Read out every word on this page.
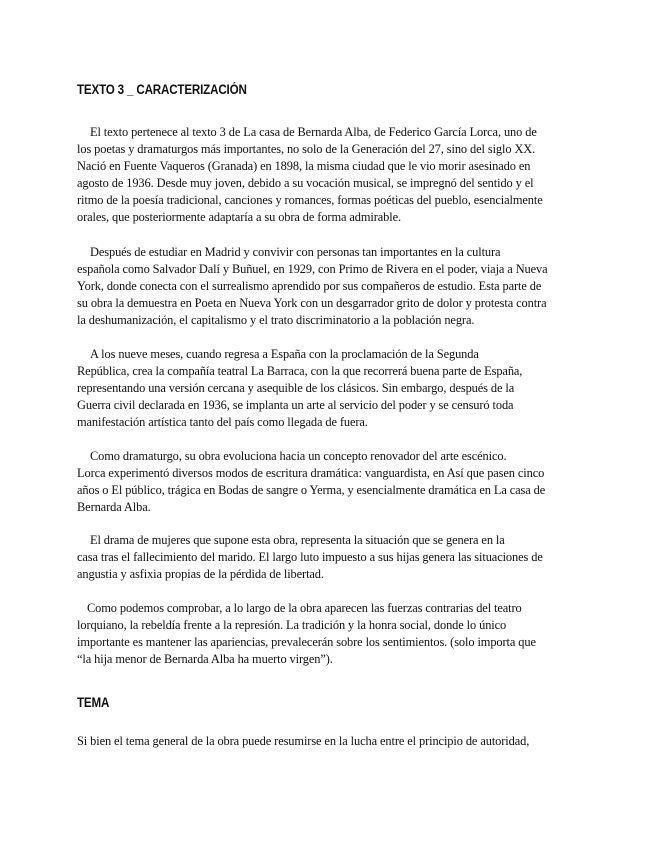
TEXTO 3 _ CARACTERIZACIÓN

El texto pertenece al texto 3 de La casa de Bernarda Alba, de Federico García Lorca, uno de
los poetas y dramaturgos más importantes, no solo de la Generación del 27, sino del siglo XX.
Nació en Fuente Vaqueros (Granada) en 1898, la misma ciudad que le vio morir asesinado en
agosto de 1936. Desde muy joven, debido a su vocación musical, se impregnó del sentido y el
ritmo de la poesía tradicional, canciones y romances, formas poéticas del pueblo, esencialmente
orales, que posteriormente adaptaría a su obra de forma admirable.

Después de estudiar en Madrid y convivir con personas tan importantes en la cultura
española como Salvador Dalí y Buñuel, en 1929, con Primo de Rivera en el poder, viaja a Nueva
York, donde conecta con el surrealismo aprendido por sus compañeros de estudio. Esta parte de
su obra la demuestra en Poeta en Nueva York con un desgarrador grito de dolor y protesta contra
la deshumanización, el capitalismo y el trato discriminatorio a la población negra.

A los nueve meses, cuando regresa a España con la proclamación de la Segunda
República, crea la compañía teatral La Barraca, con la que recorrerá buena parte de España,
representando una versión cercana y asequible de los clásicos. Sin embargo, después de la
Guerra civil declarada en 1936, se implanta un arte al servicio del poder y se censuró toda
manifestación artística tanto del país como llegada de fuera.

Como dramaturgo, su obra evoluciona hacia un concepto renovador del arte escénico.
Lorca experimentó diversos modos de escritura dramática: vanguardista, en Así que pasen cinco
años o El público, trágica en Bodas de sangre o Yerma, y esencialmente dramática en La casa de
Bernarda Alba.

El drama de mujeres que supone esta obra, representa la situación que se genera en la
casa tras el fallecimiento del marido. El largo luto impuesto a sus hijas genera las situaciones de
angustia y asfixia propias de la pérdida de libertad.

Como podemos comprobar, a lo largo de la obra aparecen las fuerzas contrarias del teatro
lorquiano, la rebeldía frente a la represión. La tradición y la honra social, donde lo único
importante es mantener las apariencias, prevalecerán sobre los sentimientos. (solo importa que
“la hija menor de Bernarda Alba ha muerto virgen”).

TEMA

Si bien el tema general de la obra puede resumirse en la lucha entre el principio de autoridad,
